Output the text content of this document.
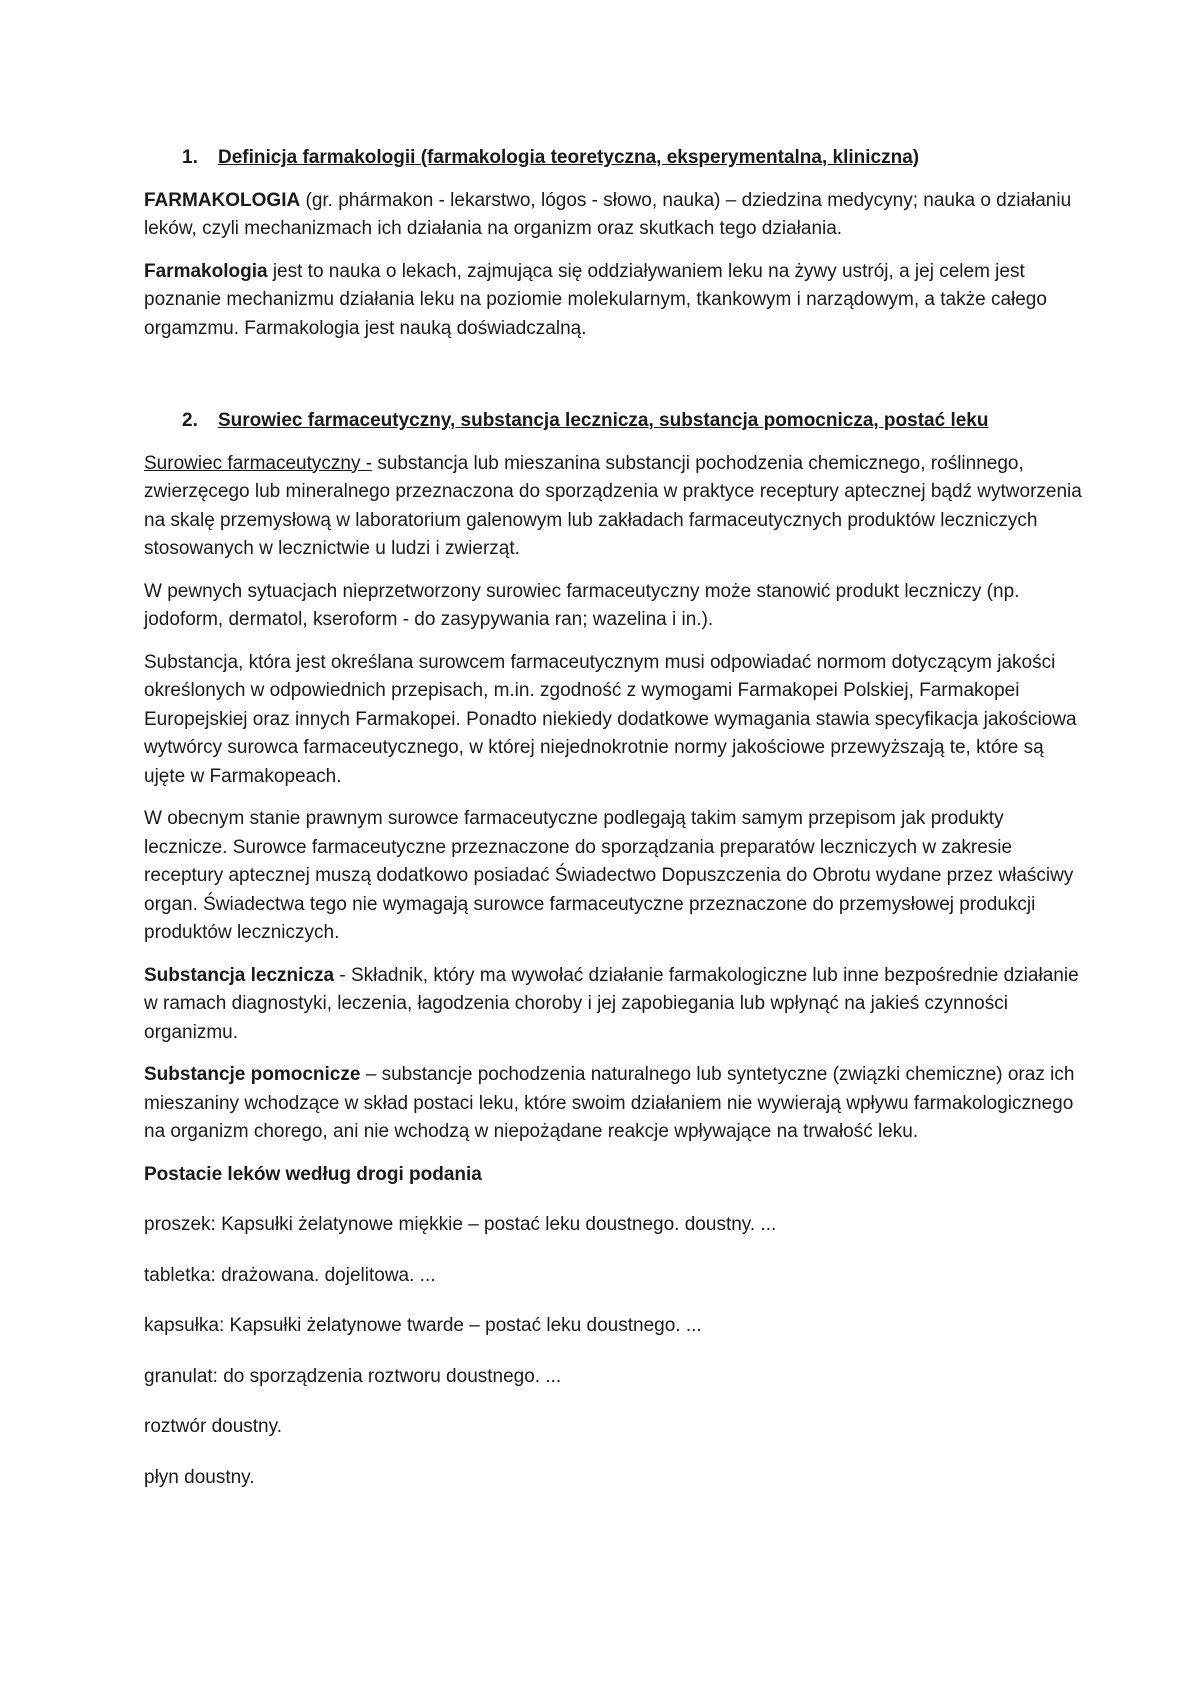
1. Definicja farmakologii (farmakologia teoretyczna, eksperymentalna, kliniczna)

FARMAKOLOGIA (gr. phármakon - lekarstwo, lógos - słowo, nauka) – dziedzina medycyny; nauka o działaniu leków, czyli mechanizmach ich działania na organizm oraz skutkach tego działania.

Farmakologia jest to nauka o lekach, zajmująca się oddziaływaniem leku na żywy ustrój, a jej celem jest poznanie mechanizmu działania leku na poziomie molekularnym, tkankowym i narządowym, a także całego orgamzmu. Farmakologia jest nauką doświadczalną.

2. Surowiec farmaceutyczny, substancja lecznicza, substancja pomocnicza, postać leku

Surowiec farmaceutyczny - substancja lub mieszanina substancji pochodzenia chemicznego, roślinnego, zwierzęcego lub mineralnego przeznaczona do sporządzenia w praktyce receptury aptecznej bądź wytworzenia na skalę przemysłową w laboratorium galenowym lub zakładach farmaceutycznych produktów leczniczych stosowanych w lecznictwie u ludzi i zwierząt.

W pewnych sytuacjach nieprzetworzony surowiec farmaceutyczny może stanowić produkt leczniczy (np. jodoform, dermatol, kseroform - do zasypywania ran; wazelina i in.).

Substancja, która jest określana surowcem farmaceutycznym musi odpowiadać normom dotyczącym jakości określonych w odpowiednich przepisach, m.in. zgodność z wymogami Farmakopei Polskiej, Farmakopei Europejskiej oraz innych Farmakopei. Ponadto niekiedy dodatkowe wymagania stawia specyfikacja jakościowa wytwórcy surowca farmaceutycznego, w której niejednokrotnie normy jakościowe przewyższają te, które są ujęte w Farmakopeach.

W obecnym stanie prawnym surowce farmaceutyczne podlegają takim samym przepisom jak produkty lecznicze. Surowce farmaceutyczne przeznaczone do sporządzania preparatów leczniczych w zakresie receptury aptecznej muszą dodatkowo posiadać Świadectwo Dopuszczenia do Obrotu wydane przez właściwy organ. Świadectwa tego nie wymagają surowce farmaceutyczne przeznaczone do przemysłowej produkcji produktów leczniczych.

Substancja lecznicza - Składnik, który ma wywołać działanie farmakologiczne lub inne bezpośrednie działanie w ramach diagnostyki, leczenia, łagodzenia choroby i jej zapobiegania lub wpłynąć na jakieś czynności organizmu.

Substancje pomocnicze – substancje pochodzenia naturalnego lub syntetyczne (związki chemiczne) oraz ich mieszaniny wchodzące w skład postaci leku, które swoim działaniem nie wywierają wpływu farmakologicznego na organizm chorego, ani nie wchodzą w niepożądane reakcje wpływające na trwałość leku.

Postacie leków według drogi podania

proszek: Kapsułki żelatynowe miękkie – postać leku doustnego. doustny. ...

tabletka: drażowana. dojelitowa. ...

kapsułka: Kapsułki żelatynowe twarde – postać leku doustnego. ...

granulat: do sporządzenia roztworu doustnego. ...

roztwór doustny.

płyn doustny.
